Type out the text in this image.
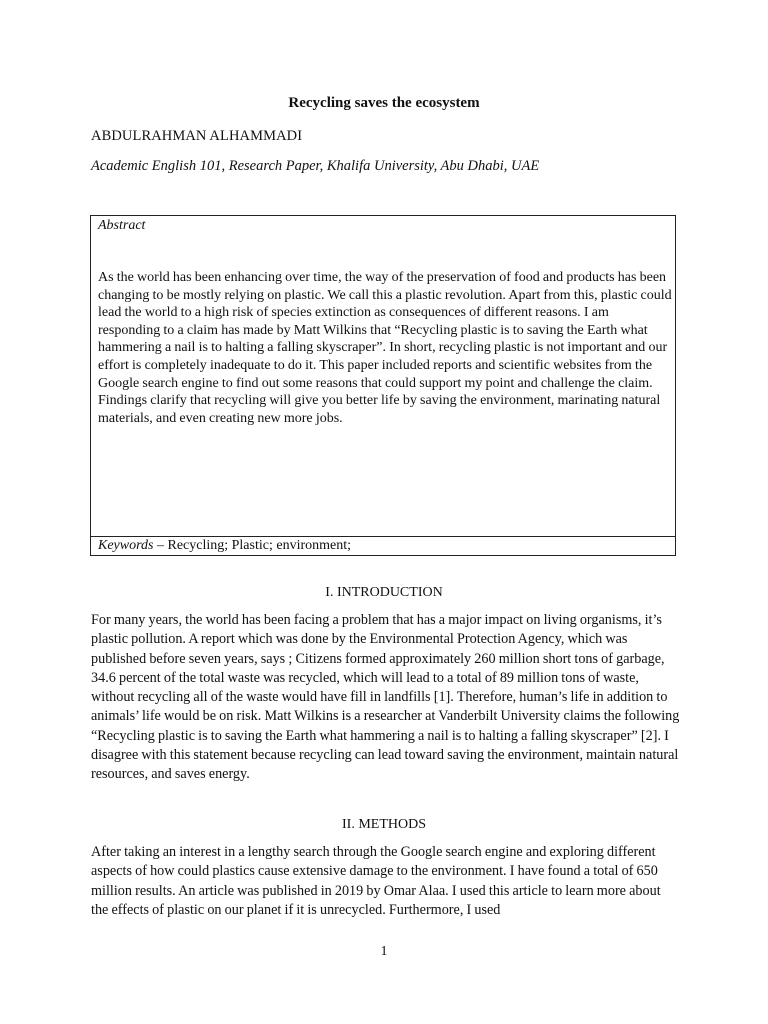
Recycling saves the ecosystem
ABDULRAHMAN ALHAMMADI
Academic English 101, Research Paper, Khalifa University, Abu Dhabi, UAE
Abstract
As the world has been enhancing over time, the way of the preservation of food and products has been changing to be mostly relying on plastic. We call this a plastic revolution. Apart from this, plastic could lead the world to a high risk of species extinction as consequences of different reasons. I am responding to a claim has made by Matt Wilkins that “Recycling plastic is to saving the Earth what hammering a nail is to halting a falling skyscraper”. In short, recycling plastic is not important and our effort is completely inadequate to do it. This paper included reports and scientific websites from the Google search engine to find out some reasons that could support my point and challenge the claim. Findings clarify that recycling will give you better life by saving the environment, marinating natural materials, and even creating new more jobs.
Keywords – Recycling; Plastic; environment;
I. INTRODUCTION
For many years, the world has been facing a problem that has a major impact on living organisms, it’s plastic pollution. A report which was done by the Environmental Protection Agency, which was published before seven years, says ; Citizens formed approximately 260 million short tons of garbage, 34.6 percent of the total waste was recycled, which will lead to a total of 89 million tons of waste, without recycling all of the waste would have fill in landfills [1]. Therefore, human’s life in addition to animals’ life would be on risk. Matt Wilkins is a researcher at Vanderbilt University claims the following “Recycling plastic is to saving the Earth what hammering a nail is to halting a falling skyscraper” [2]. I disagree with this statement because recycling can lead toward saving the environment, maintain natural resources, and saves energy.
II. METHODS
After taking an interest in a lengthy search through the Google search engine and exploring different aspects of how could plastics cause extensive damage to the environment. I have found a total of 650 million results. An article was published in 2019 by Omar Alaa. I used this article to learn more about the effects of plastic on our planet if it is unrecycled. Furthermore, I used
1
